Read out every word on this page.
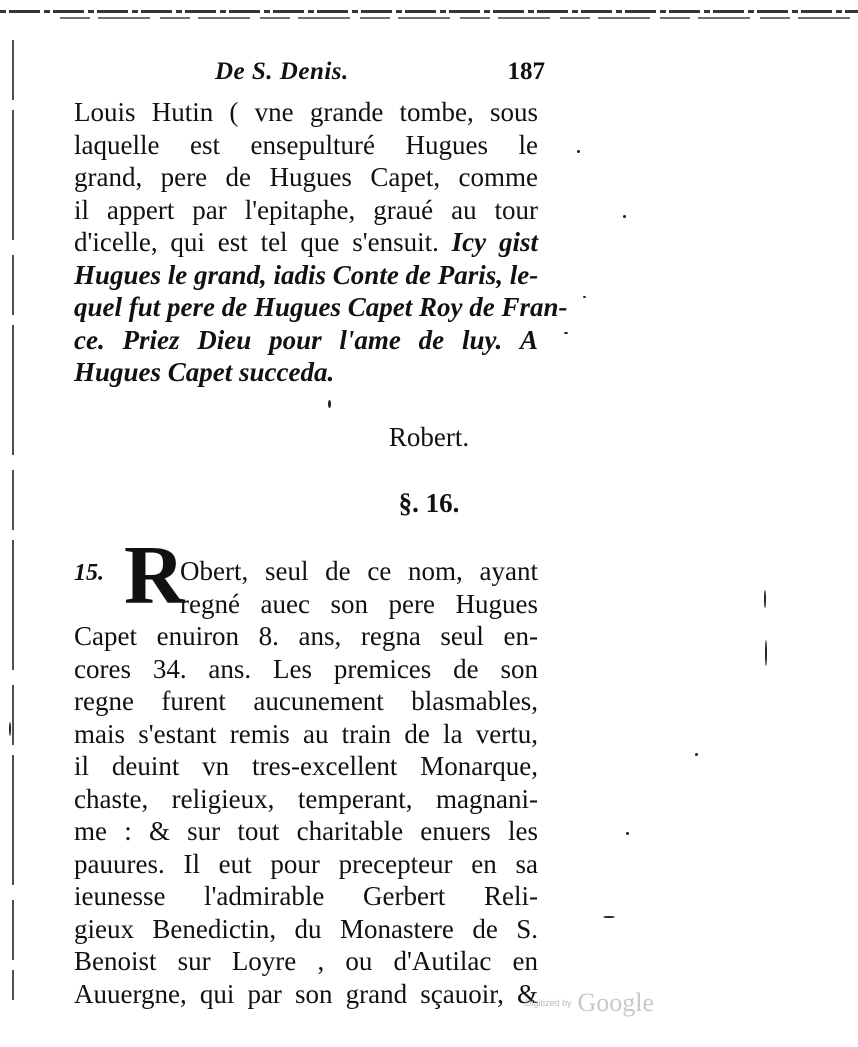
De S. Denis.	187
Louis Hutin ( vne grande tombe, sous
laquelle est ensepulturé Hugues le
grand, pere de Hugues Capet, comme
il appert par l'epitaphe, graué au tour
d'icelle, qui est tel que s'ensuit. Icy gist
Hugues le grand, iadis Conte de Paris, le-
quel fut pere de Hugues Capet Roy de Fran-
ce. Priez Dieu pour l'ame de luy. A
Hugues Capet succeda.
Robert.
§. 16.
15. R
Obert, seul de ce nom, ayant
regné auec son pere Hugues
Capet enuiron 8. ans, regna seul en-
cores 34. ans. Les premices de son
regne furent aucunement blasmables,
mais s'estant remis au train de la vertu,
il deuint vn tres-excellent Monarque,
chaste, religieux, temperant, magnani-
me : & sur tout charitable enuers les
pauures. Il eut pour precepteur en sa
ieunesse l'admirable Gerbert Reli-
gieux Benedictin, du Monastere de S.
Benoist sur Loyre , ou d'Autilac en
Auuergne, qui par son grand sçauoir, &
Digitized by Google
